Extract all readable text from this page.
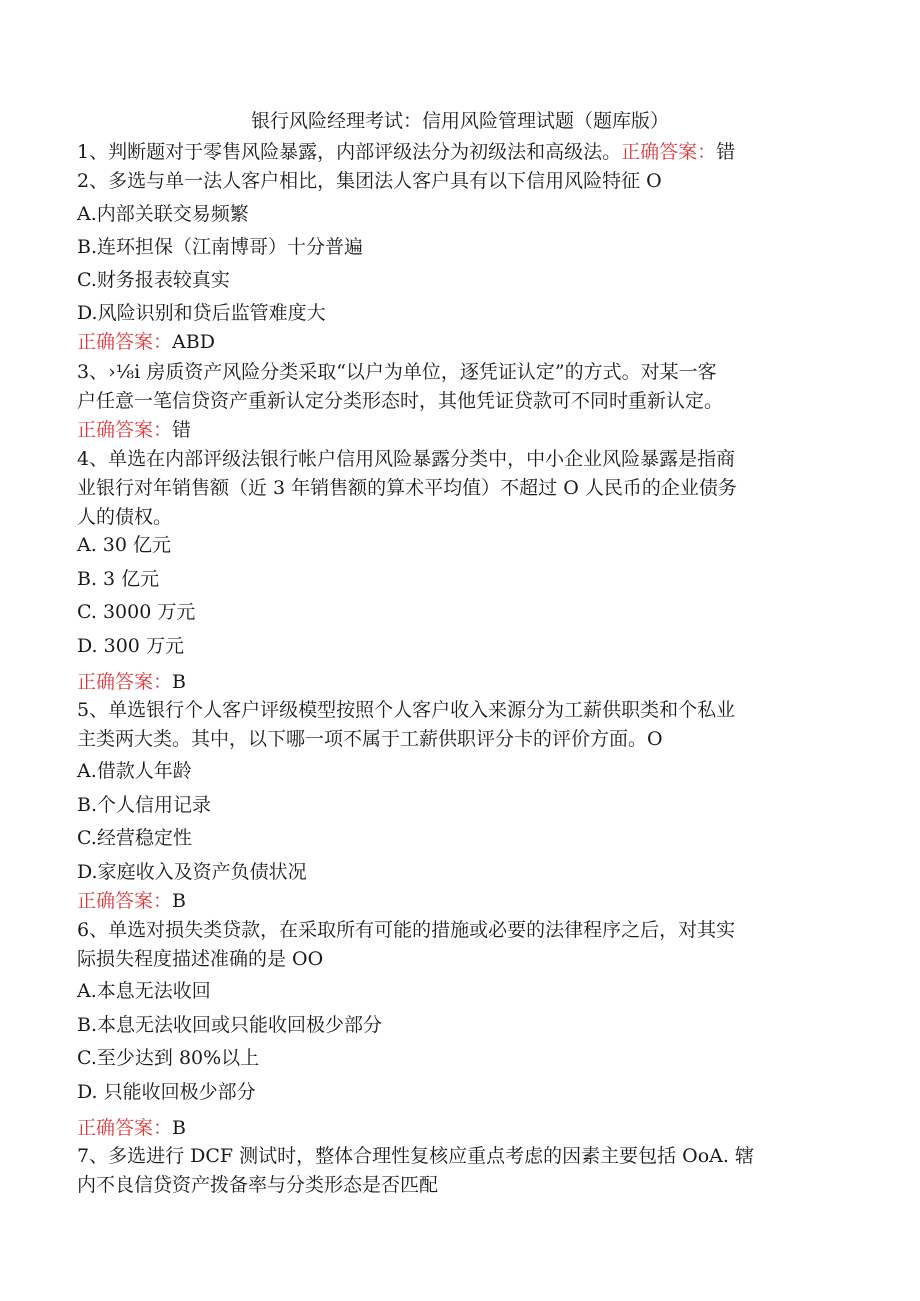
银行风险经理考试：信用风险管理试题（题库版）
1、判断题对于零售风险暴露，内部评级法分为初级法和高级法。正确答案：错
2、多选与单一法人客户相比，集团法人客户具有以下信用风险特征 O
A.内部关联交易频繁
B.连环担保（江南博哥）十分普遍
C.财务报表较真实
D.风险识别和贷后监管难度大
正确答案：ABD
3、›⅛i 房质资产风险分类采取“以户为单位，逐凭证认定”的方式。对某一客
户任意一笔信贷资产重新认定分类形态时，其他凭证贷款可不同时重新认定。
正确答案：错
4、单选在内部评级法银行帐户信用风险暴露分类中，中小企业风险暴露是指商
业银行对年销售额（近 3 年销售额的算术平均值）不超过 O 人民币的企业债务
人的债权。
A. 30 亿元
B. 3 亿元
C. 3000 万元
D. 300 万元
正确答案：B
5、单选银行个人客户评级模型按照个人客户收入来源分为工薪供职类和个私业
主类两大类。其中，以下哪一项不属于工薪供职评分卡的评价方面。O
A.借款人年龄
B.个人信用记录
C.经营稳定性
D.家庭收入及资产负债状况
正确答案：B
6、单选对损失类贷款，在采取所有可能的措施或必要的法律程序之后，对其实
际损失程度描述准确的是 OO
A.本息无法收回
B.本息无法收回或只能收回极少部分
C.至少达到 80%以上
D. 只能收回极少部分
正确答案：B
7、多选进行 DCF 测试时，整体合理性复核应重点考虑的因素主要包括 OoA. 辖
内不良信贷资产拨备率与分类形态是否匹配
